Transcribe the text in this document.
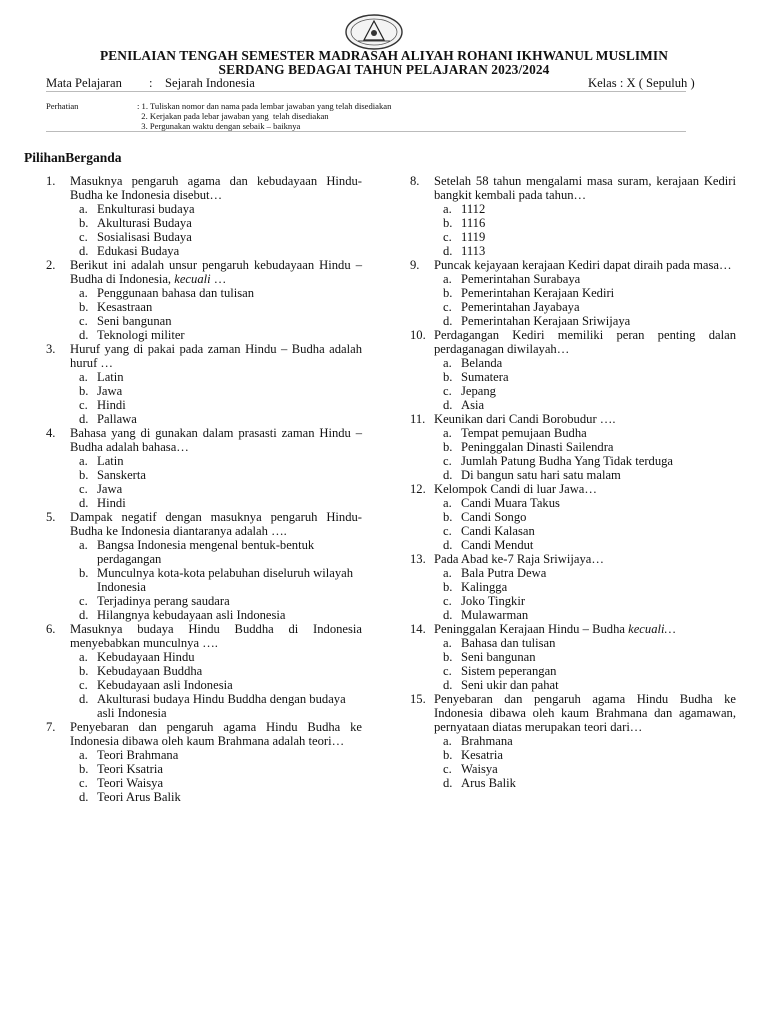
PENILAIAN TENGAH SEMESTER MADRASAH ALIYAH ROHANI IKHWANUL MUSLIMIN
SERDANG BEDAGAI TAHUN PELAJARAN 2023/2024
Mata Pelajaran : Sejarah Indonesia	Kelas : X ( Sepuluh )
Perhatian	: 1. Tuliskan nomor dan nama pada lembar jawaban yang telah disediakan
2. Kerjakan pada lebar jawaban yang  telah disediakan
3. Pergunakan waktu dengan sebaik – baiknya
PilihanBerganda
1.	Masuknya pengaruh agama dan kebudayaan Hindu-Budha ke Indonesia disebut…
a. Enkulturasi budaya
b. Akulturasi Budaya
c. Sosialisasi Budaya
d. Edukasi Budaya
2.	Berikut ini adalah unsur pengaruh kebudayaan Hindu – Budha di Indonesia, kecuali …
a. Penggunaan bahasa dan tulisan
b. Kesastraan
c. Seni bangunan
d. Teknologi militer
3.	Huruf yang di pakai pada zaman Hindu – Budha adalah huruf …
a. Latin
b. Jawa
c. Hindi
d. Pallawa
4.	Bahasa yang di gunakan dalam prasasti zaman Hindu – Budha adalah bahasa…
a. Latin
b. Sanskerta
c. Jawa
d. Hindi
5.	Dampak negatif dengan masuknya pengaruh Hindu-Budha ke Indonesia diantaranya adalah ….
a. Bangsa Indonesia mengenal bentuk-bentuk perdagangan
b. Munculnya kota-kota pelabuhan diseluruh wilayah Indonesia
c. Terjadinya perang saudara
d. Hilangnya kebudayaan asli Indonesia
6.	Masuknya budaya Hindu Buddha di Indonesia menyebabkan munculnya ….
a. Kebudayaan Hindu
b. Kebudayaan Buddha
c. Kebudayaan asli Indonesia
d. Akulturasi budaya Hindu Buddha dengan budaya asli Indonesia
7.	Penyebaran dan pengaruh agama Hindu Budha ke Indonesia dibawa oleh kaum Brahmana adalah teori…
a. Teori Brahmana
b. Teori Ksatria
c. Teori Waisya
d. Teori Arus Balik
8.	Setelah 58 tahun mengalami masa suram, kerajaan Kediri bangkit kembali pada tahun…
a. 1112
b. 1116
c. 1119
d. 1113
9.	Puncak kejayaan kerajaan Kediri dapat diraih pada masa…
a. Pemerintahan Surabaya
b. Pemerintahan Kerajaan Kediri
c. Pemerintahan Jayabaya
d. Pemerintahan Kerajaan Sriwijaya
10. Perdagangan Kediri memiliki peran penting dalan perdaganagan diwilayah…
a. Belanda
b. Sumatera
c. Jepang
d. Asia
11. Keunikan dari Candi Borobudur ….
a. Tempat pemujaan Budha
b. Peninggalan Dinasti Sailendra
c. Jumlah Patung Budha Yang Tidak terduga
d. Di bangun satu hari satu malam
12. Kelompok Candi di luar Jawa…
a. Candi Muara Takus
b. Candi Songo
c. Candi Kalasan
d. Candi Mendut
13. Pada Abad ke-7 Raja Sriwijaya…
a. Bala Putra Dewa
b. Kalingga
c. Joko Tingkir
d. Mulawarman
14. Peninggalan Kerajaan Hindu – Budha kecuali…
a. Bahasa dan tulisan
b. Seni bangunan
c. Sistem peperangan
d. Seni ukir dan pahat
15. Penyebaran dan pengaruh agama Hindu Budha ke Indonesia dibawa oleh kaum Brahmana dan agamawan, pernyataan diatas merupakan teori dari…
a. Brahmana
b. Kesatria
c. Waisya
d. Arus Balik
